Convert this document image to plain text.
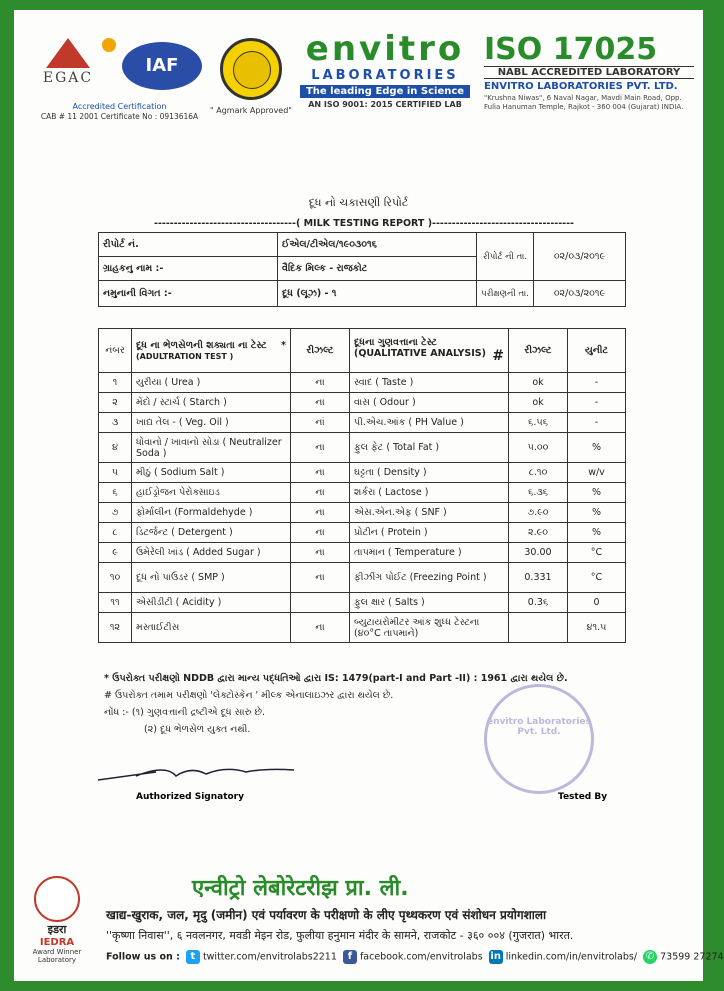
EGAC
Accredited Certification
CAB # 11 2001 Certificate No : 0913616A
IAF
" Agmark Approved"
envitro
LABORATORIES
The leading Edge in Science
AN ISO 9001: 2015 CERTIFIED LAB
ISO 17025
NABL ACCREDITED LABORATORY
ENVITRO LABORATORIES PVT. LTD.
"Krushna Niwas", 6 Naval Nagar, Mavdi Main Road, Opp. Fulia Hanuman Temple, Rajkot - 360 004 (Gujarat) INDIA.
દૂધ નો ચકાસણી રિપોર્ટ
------------------------------------( MILK TESTING REPORT )------------------------------------
રીપોર્ટ નં.	ઈએલ/ટીએલ/૧૯૦૩૦૧૬	રીપોર્ટ ની તા.	૦૨/૦૩/૨૦૧૯
ગ્રાહકનુ નામ :-	વૈદિક મિલ્ક - રાજકોટ		
નમુનાની વિગત :-	દૂધ (લૂઝ) - ૧	પરીક્ષણની તા.	૦૨/૦૩/૨૦૧૯
નંબર	દૂધ ના ભેળસેળની શક્યતા ના ટેસ્ટ *

(ADULTRATION TEST )	રીઝલ્ટ	દૂધના ગુણવત્તાના ટેસ્ટ (QUALITATIVE ANALYSIS) #	રીઝલ્ટ	યુનીટ
૧	યુરીયા ( Urea )	ના	સ્વાદ ( Taste )	ok	-
૨	મેંદો / સ્ટાર્ચ ( Starch )	ના	વાસ ( Odour )	ok	-
૩	ખાદ્ય તેલ - ( Veg. Oil )	નાં	પી.એચ.આંક ( PH Value )	૬.૫૬	-
૪	ધોવાનો / ખાવાનો સોડા ( Neutralizer Soda )	ના	ફુલ ફેટ ( Total Fat )	૫.૦૦	%
૫	મીઠું ( Sodium Salt )	ના	ઘટ્ટતા ( Density )	૮.૧૦	w/v
૬	હાઈડ્રોજન પેરોક્સાઇડ	ના	શર્કરા ( Lactose )	૬.૩૬	%
૭	ફોર્માલીન (Formaldehyde )	ના	એસ.એન.એફ ( SNF )	૭.૯૦	%
૮	ડિટર્જન્ટ ( Detergent )	ના	પ્રોટીન ( Protein )	૨.૯૦	%
૯	ઉમેરેલી ખાંડ ( Added Sugar )	ના	તાપમાન ( Temperature )	30.00	°C
૧૦	દૂધ નો પાઉડર ( SMP )	ના	ફીઝીંગ પોઈટ (Freezing Point )	0.331	°C
૧૧	એસીડીટી ( Acidity )		ફુલ ક્ષાર ( Salts )	0.3૬	0
૧૨	મસ્તાઈટીસ	ના	બ્યુટાયરોમીટર આંક શુધ્ધ ટેસ્ટના (૪૦°C તાપમાને)		૪૧.૫
* ઉપરોક્ત પરીક્ષણો NDDB દ્વારા માન્ય પદ્ધતિઓ દ્વારા IS: 1479(part-I and Part -II) : 1961 દ્વારા થયેલ છે.
# ઉપરોક્ત તમામ પરીક્ષણો 'લેક્ટોસ્કેન ' મીલ્ક એનાલાઇઝર દ્વારા થયેલ છે.
નોંધ :- (૧) ગુણવત્તાની દ્રષ્ટીએ દૂધ સારુ છે.
(૨) દૂધ ભેળસેળ યુક્ત નથી.
envitro Laboratories Pvt. Ltd.
Authorized Signatory	Tested By
इडरा
IEDRA
Award Winner Laboratory
एन्वीट्रो लेबोरेटरीझ प्रा. ली.
खाद्य-खुराक, जल, मृदु (जमीन) एवं पर्यावरण के परीक्षणो के लीए पृथ्थकरण एवं संशोधन प्रयोगशाला
''कृष्णा निवास'', ६ नवलनगर, मवडी मेइन रोड, फुलीया हनुमान मंदीर के सामने, राजकोट - ३६० ००४ (गुजरात) भारत.
Follow us on : t twitter.com/envitrolabs2211 f facebook.com/envitrolabs in linkedin.com/in/envitrolabs/ ✆ 73599 27274
